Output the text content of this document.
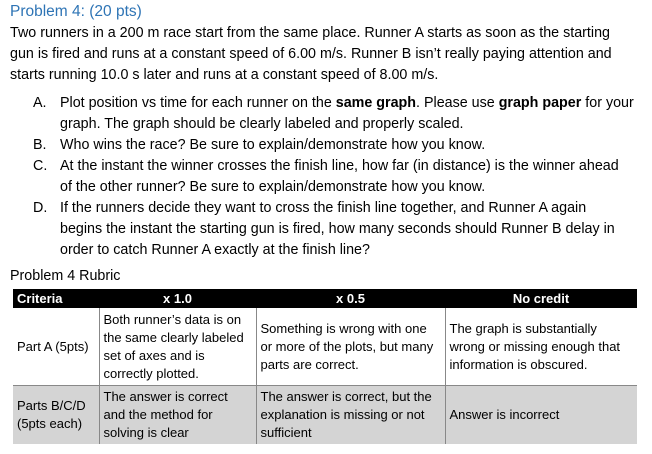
Problem 4: (20 pts)

Two runners in a 200 m race start from the same place. Runner A starts as soon as the starting

gun is fired and runs at a constant speed of 6.00 m/s. Runner B isn’t really paying attention and

starts running 10.0 s later and runs at a constant speed of 8.00 m/s.

A. Plot position vs time for each runner on the same graph. Please use graph paper for your
graph. The graph should be clearly labeled and properly scaled.
B. Who wins the race? Be sure to explain/demonstrate how you know.
C. At the instant the winner crosses the finish line, how far (in distance) is the winner ahead
of the other runner? Be sure to explain/demonstrate how you know.
D. If the runners decide they want to cross the finish line together, and Runner A again
begins the instant the starting gun is fired, how many seconds should Runner B delay in
order to catch Runner A exactly at the finish line?
Problem 4 Rubric
Criteria	x 1.0	x 0.5	No credit
Part A (5pts)	Both runner’s data is on the same clearly labeled set of axes and is correctly plotted.	Something is wrong with one or more of the plots, but many parts are correct.	The graph is substantially wrong or missing enough that information is obscured.
Parts B/C/D (5pts each)	The answer is correct and the method for solving is clear	The answer is correct, but the explanation is missing or not sufficient	Answer is incorrect
